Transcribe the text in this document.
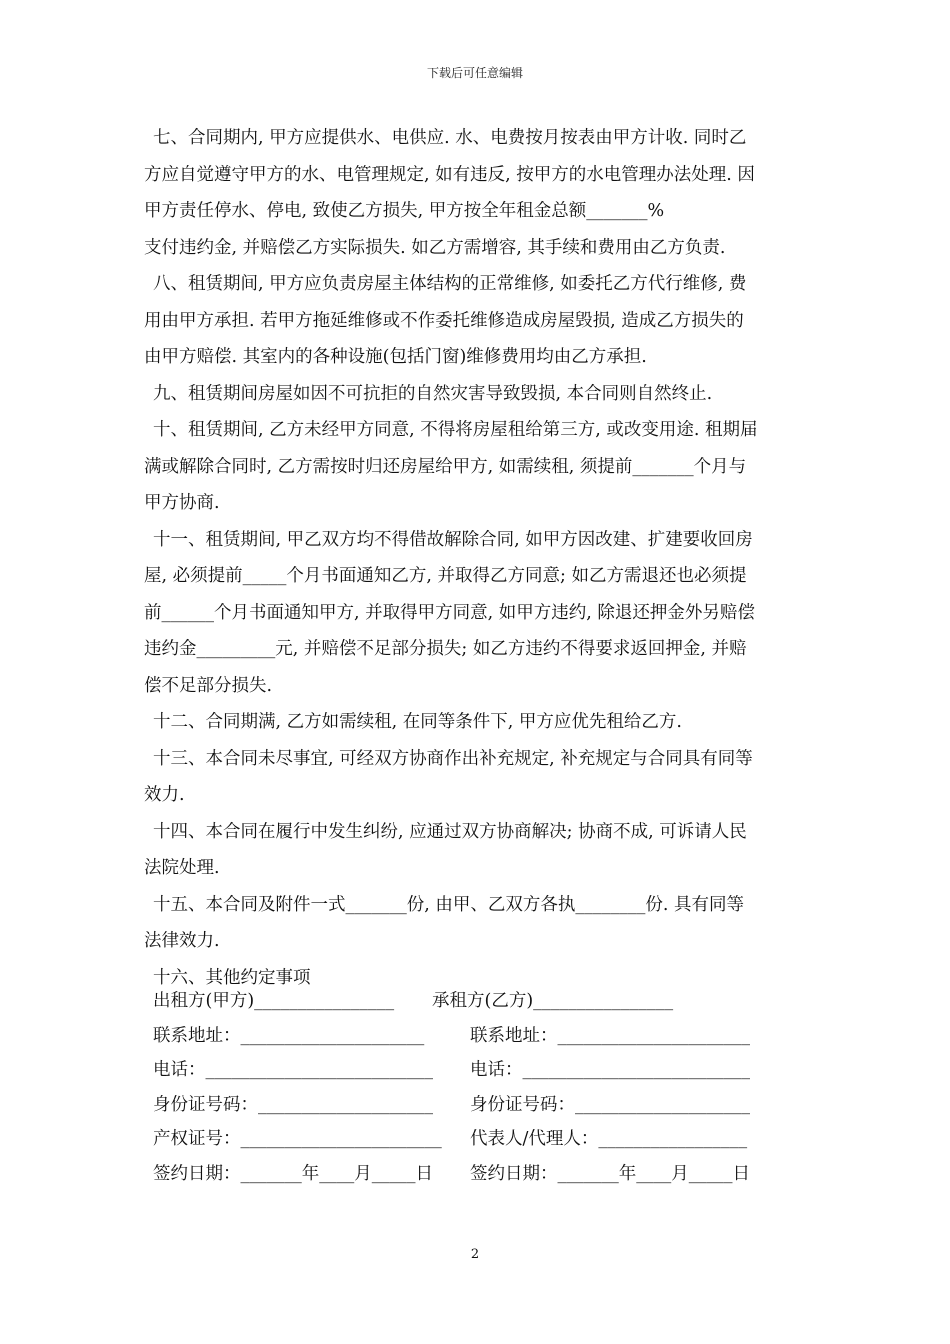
下载后可任意编辑
七、合同期内, 甲方应提供水、电供应. 水、电费按月按表由甲方计收. 同时乙
方应自觉遵守甲方的水、电管理规定, 如有违反, 按甲方的水电管理办法处理. 因
甲方责任停水、停电, 致使乙方损失, 甲方按全年租金总额_______%
支付违约金, 并赔偿乙方实际损失. 如乙方需增容, 其手续和费用由乙方负责.
八、租赁期间, 甲方应负责房屋主体结构的正常维修, 如委托乙方代行维修, 费
用由甲方承担. 若甲方拖延维修或不作委托维修造成房屋毁损, 造成乙方损失的
由甲方赔偿. 其室内的各种设施(包括门窗)维修费用均由乙方承担.
九、租赁期间房屋如因不可抗拒的自然灾害导致毁损, 本合同则自然终止.
十、租赁期间, 乙方未经甲方同意, 不得将房屋租给第三方, 或改变用途. 租期届
满或解除合同时, 乙方需按时归还房屋给甲方, 如需续租, 须提前_______个月与
甲方协商.
十一、租赁期间, 甲乙双方均不得借故解除合同, 如甲方因改建、扩建要收回房
屋, 必须提前_____个月书面通知乙方, 并取得乙方同意; 如乙方需退还也必须提
前______个月书面通知甲方, 并取得甲方同意, 如甲方违约, 除退还押金外另赔偿
违约金_________元, 并赔偿不足部分损失; 如乙方违约不得要求返回押金, 并赔
偿不足部分损失.
十二、合同期满, 乙方如需续租, 在同等条件下, 甲方应优先租给乙方.
十三、本合同未尽事宜, 可经双方协商作出补充规定, 补充规定与合同具有同等
效力.
十四、本合同在履行中发生纠纷, 应通过双方协商解决; 协商不成, 可诉请人民
法院处理.
十五、本合同及附件一式_______份, 由甲、乙双方各执________份. 具有同等
法律效力.
十六、其他约定事项
出租方(甲方)________________ 承租方(乙方)________________
联系地址：_____________________	联系地址：______________________
电话：__________________________ 电话：__________________________
身份证号码：____________________ 身份证号码：____________________
产权证号：_______________________ 代表人/代理人：_________________
签约日期：_______年____月_____日 签约日期：_______年____月_____日
2
